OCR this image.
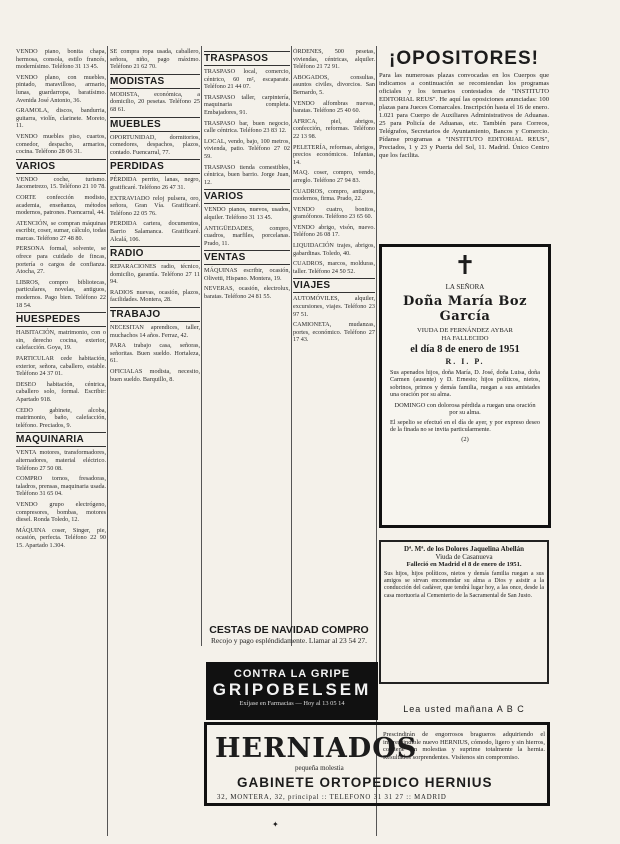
VENDO piano, bonita chapa, hermosa, consola, estilo francés, modernísimo. Teléfono 31 13 45.
VENDO plano, con muebles, pintado, maravilloso, armario, lunas, guardarropa, baratísimo. Avenida José Antonio, 36.
GRAMOLA, discos, bandurria, guitarra, violín, clarinete. Moreto, 11.
VENDO muebles piso, cuartos, comedor, despacho, armarios, cocina. Teléfono 28 06 31.
VARIOS
VENDO coche, turismo. Jacometrezo, 15. Teléfono 21 10 78.
CORTE confección modisto, academia, enseñanza, métodos modernos, patrones. Fuencarral, 44.
ATENCIÓN, se compran máquinas escribir, coser, sumar, cálculo, todas marcas. Teléfono 27 48 80.
PERSONA formal, solvente, se ofrece para cuidado de fincas, portería o cargos de confianza. Atocha, 27.
LIBROS, compro bibliotecas, particulares, novelas, antiguos, modernos. Pago bien. Teléfono 22 18 54.
HUESPEDES
HABITACIÓN, matrimonio, con o sin, derecho cocina, exterior, calefacción. Goya, 19.
PARTICULAR cede habitación, exterior, señora, caballero, estable. Teléfono 24 37 01.
DESEO habitación, céntrica, caballero solo, formal. Escribir: Apartado 918.
CEDO gabinete, alcoba, matrimonio, baño, calefacción, teléfono. Preciados, 9.
MAQUINARIA
VENTA motores, transformadores, alternadores, material eléctrico. Teléfono 27 50 08.
COMPRO tornos, fresadoras, taladros, prensas, maquinaria usada. Teléfono 31 65 04.
VENDO grupo electrógeno, compresores, bombas, motores diesel. Ronda Toledo, 12.
MÁQUINA coser, Singer, pie, ocasión, perfecta. Teléfono 22 90 15. Apartado 1.304.
SE compra ropa usada, caballero, señora, niño, pago máximo. Teléfono 21 62 70.
MODISTAS
MODISTA, económica, a domicilio, 20 pesetas. Teléfono 25 68 61.
MUEBLES
OPORTUNIDAD, dormitorios, comedores, despachos, plazos, contado. Fuencarral, 77.
PERDIDAS
PÉRDIDA perrito, lanas, negro, gratificaré. Teléfono 26 47 31.
EXTRAVIADO reloj pulsera, oro, señora, Gran Vía. Gratificaré. Teléfono 22 05 76.
PERDIDA cartera, documentos, Barrio Salamanca. Gratificaré. Alcalá, 106.
RADIO
REPARACIONES radio, técnico, domicilio, garantía. Teléfono 27 11 94.
RADIOS nuevas, ocasión, plazos, facilidades. Montera, 28.
TRABAJO
NECESITAN aprendices, taller, muchachos 14 años. Ferraz, 42.
PARA trabajo casa, señoras, señoritas. Buen sueldo. Hortaleza, 61.
OFICIALAS modista, necesito, buen sueldo. Barquillo, 8.
TRASPASOS
TRASPASO local, comercio, céntrico, 60 m², escaparate. Teléfono 21 44 07.
TRASPASO taller, carpintería, maquinaria completa. Embajadores, 91.
TRASPASO bar, buen negocio, calle céntrica. Teléfono 23 83 12.
LOCAL, vendo, bajo, 100 metros, vivienda, patio. Teléfono 27 02 59.
TRASPASO tienda comestibles, céntrica, buen barrio. Jorge Juan, 12.
VARIOS
VENDO pianos, nuevos, usados, alquiler. Teléfono 31 13 45.
ANTIGÜEDADES, compro, cuadros, marfiles, porcelanas. Prado, 11.
VENTAS
MÁQUINAS escribir, ocasión, Olivetti, Hispano. Montera, 19.
NEVERAS, ocasión, electrolux, baratas. Teléfono 24 81 55.
ÓRDENES, 500 pesetas, viviendas, céntricas, alquiler. Teléfono 21 72 91.
ABOGADOS, consultas, asuntos civiles, divorcios. San Bernardo, 5.
VENDO alfombras nuevas, baratas. Teléfono 25 40 60.
AFRICA, piel, abrigos, confección, reformas. Teléfono 22 13 98.
PELETERÍA, reformas, abrigos, precios económicos. Infantas, 14.
MAQ. coser, compro, vendo, arreglo. Teléfono 27 94 83.
CUADROS, compro, antiguos, modernos, firma. Prado, 22.
VENDO cuatro, bonitos, gramófonos. Teléfono 23 65 60.
VENDO abrigo, visón, nuevo. Teléfono 26 08 17.
LIQUIDACIÓN trajes, abrigos, gabardinas. Toledo, 40.
CUADROS, marcos, molduras, taller. Teléfono 24 50 52.
VIAJES
AUTOMÓVILES, alquiler, excursiones, viajes. Teléfono 23 97 51.
CAMIONETA, mudanzas, portes, económico. Teléfono 27 17 43.
¡OPOSITORES!
Para las numerosas plazas convocadas en los Cuerpos que indicamos a continuación se recomiendan los programas oficiales y los temarios contestados de "INSTITUTO EDITORIAL REUS". He aquí las oposiciones anunciadas: 100 plazas para Jueces Comarcales. Inscripción hasta el 16 de enero. 1.021 para Cuerpo de Auxiliares Administrativos de Aduanas. 25 para Policía de Aduanas, etc. También para Correos, Telégrafos, Secretarios de Ayuntamiento, Bancos y Comercio. Pídanse programas a "INSTITUTO EDITORIAL REUS", Preciados, 1 y 23 y Puerta del Sol, 11. Madrid. Único Centro que los facilita.
✝
LA SEÑORA
Doña María Boz García
VIUDA DE FERNÁNDEZ AYBAR
HA FALLECIDO
el día 8 de enero de 1951
R. I. P.
Sus apenados hijos, doña María, D. José, doña Luisa, doña Carmen (ausente) y D. Ernesto; hijos políticos, nietos, sobrinos, primos y demás familia, ruegan a sus amistades una oración por su alma.
DOMINGO con dolorosa pérdida a ruegan una oración por su alma.
El sepelio se efectuó en el día de ayer, y por expreso deseo de la finada no se invita particularmente.
(2)
Dª. Mª. de los Dolores Jaquelina Abellán
Viuda de Casanueva
Falleció en Madrid el 8 de enero de 1951.
Sus hijos, hijos políticos, nietos y demás familia ruegan a sus amigos se sirvan encomendar su alma a Dios y asistir a la conducción del cadáver, que tendrá lugar hoy, a las once, desde la casa mortuoria al Cementerio de la Sacramental de San Justo.
Lea usted mañana A B C
CESTAS DE NAVIDAD COMPRO
Recojo y pago espléndidamente. Llamar al 23 54 27.
CONTRA LA GRIPE
GRIPOBELSEM
Exíjase en Farmacias — Hoy al 13 05 14
HERNIADOS
pequeña molestia
Prescindirán de engorrosos bragueros adquiriendo el imprescindible nuevo HERNIUS, cómodo, ligero y sin hierros, contiene sin molestias y suprime totalmente la hernia. Resultados sorprendentes. Visítenos sin compromiso.
GABINETE ORTOPEDICO HERNIUS
32, MONTERA, 32, principal :: TELEFONO 31 31 27 :: MADRID
✦
